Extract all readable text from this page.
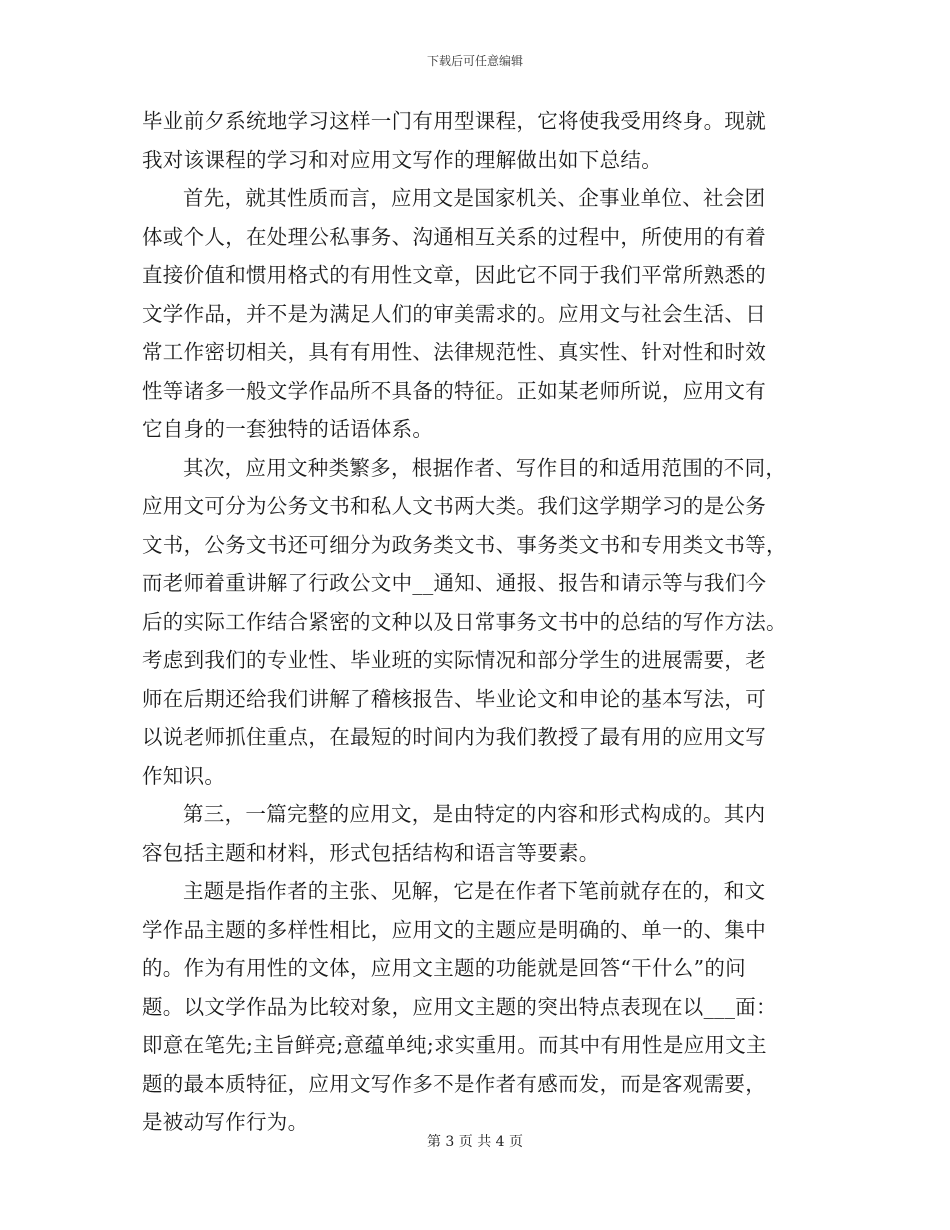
下载后可任意编辑
毕业前夕系统地学习这样一门有用型课程，它将使我受用终身。现就
我对该课程的学习和对应用文写作的理解做出如下总结。
首先，就其性质而言，应用文是国家机关、企事业单位、社会团
体或个人，在处理公私事务、沟通相互关系的过程中，所使用的有着
直接价值和惯用格式的有用性文章，因此它不同于我们平常所熟悉的
文学作品，并不是为满足人们的审美需求的。应用文与社会生活、日
常工作密切相关，具有有用性、法律规范性、真实性、针对性和时效
性等诸多一般文学作品所不具备的特征。正如某老师所说，应用文有
它自身的一套独特的话语体系。
其次，应用文种类繁多，根据作者、写作目的和适用范围的不同，
应用文可分为公务文书和私人文书两大类。我们这学期学习的是公务
文书，公务文书还可细分为政务类文书、事务类文书和专用类文书等，
而老师着重讲解了行政公文中__通知、通报、报告和请示等与我们今
后的实际工作结合紧密的文种以及日常事务文书中的总结的写作方法。
考虑到我们的专业性、毕业班的实际情况和部分学生的进展需要，老
师在后期还给我们讲解了稽核报告、毕业论文和申论的基本写法，可
以说老师抓住重点，在最短的时间内为我们教授了最有用的应用文写
作知识。
第三，一篇完整的应用文，是由特定的内容和形式构成的。其内
容包括主题和材料，形式包括结构和语言等要素。
主题是指作者的主张、见解，它是在作者下笔前就存在的，和文
学作品主题的多样性相比，应用文的主题应是明确的、单一的、集中
的。作为有用性的文体，应用文主题的功能就是回答“干什么”的问
题。以文学作品为比较对象，应用文主题的突出特点表现在以___面：
即意在笔先;主旨鲜亮;意蕴单纯;求实重用。而其中有用性是应用文主
题的最本质特征，应用文写作多不是作者有感而发，而是客观需要，
是被动写作行为。
第 3 页 共 4 页
